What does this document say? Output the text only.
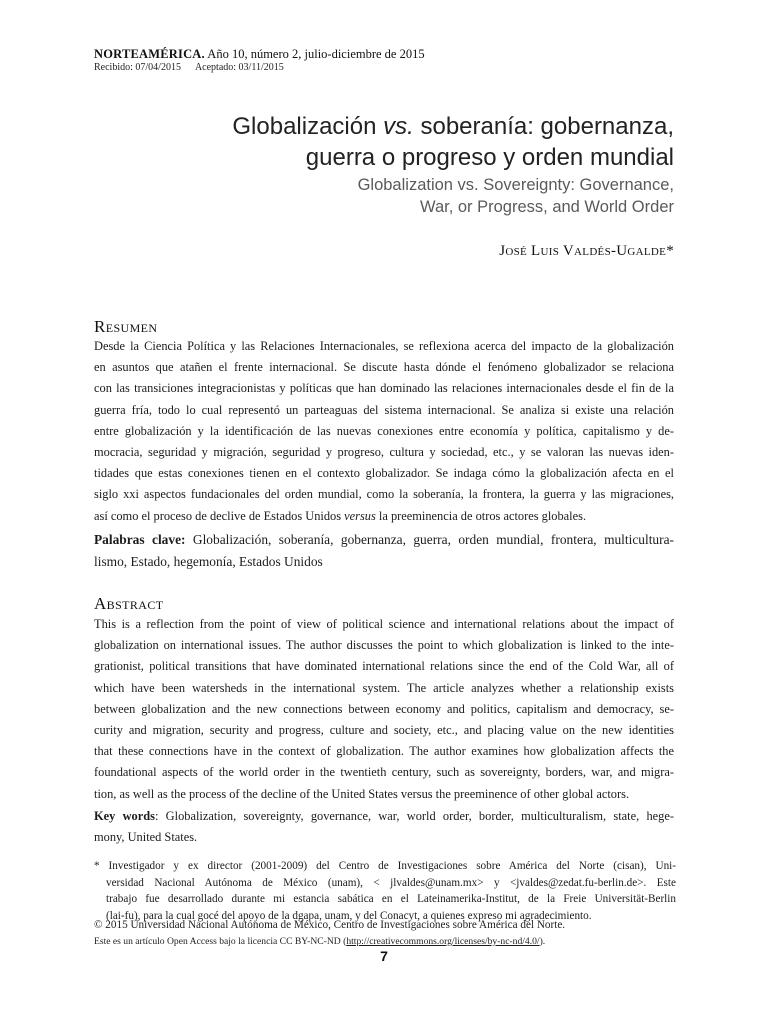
NORTEAMÉRICA. Año 10, número 2, julio-diciembre de 2015
Recibido: 07/04/2015 Aceptado: 03/11/2015
Globalización vs. soberanía: gobernanza,
guerra o progreso y orden mundial
Globalization vs. Sovereignty: Governance,
War, or Progress, and World Order
José Luis Valdés-Ugalde*
Resumen
Desde la Ciencia Política y las Relaciones Internacionales, se reflexiona acerca del impacto de la globalización
en asuntos que atañen el frente internacional. Se discute hasta dónde el fenómeno globalizador se relaciona
con las transiciones integracionistas y políticas que han dominado las relaciones internacionales desde el fin de la
guerra fría, todo lo cual representó un parteaguas del sistema internacional. Se analiza si existe una relación
entre globalización y la identificación de las nuevas conexiones entre economía y política, capitalismo y de-
mocracia, seguridad y migración, seguridad y progreso, cultura y sociedad, etc., y se valoran las nuevas iden-
tidades que estas conexiones tienen en el contexto globalizador. Se indaga cómo la globalización afecta en el
siglo xxi aspectos fundacionales del orden mundial, como la soberanía, la frontera, la guerra y las migraciones,
así como el proceso de declive de Estados Unidos versus la preeminencia de otros actores globales.
Palabras clave: Globalización, soberanía, gobernanza, guerra, orden mundial, frontera, multicultura-
lismo, Estado, hegemonía, Estados Unidos
Abstract
This is a reflection from the point of view of political science and international relations about the impact of
globalization on international issues. The author discusses the point to which globalization is linked to the inte-
grationist, political transitions that have dominated international relations since the end of the Cold War, all of
which have been watersheds in the international system. The article analyzes whether a relationship exists
between globalization and the new connections between economy and politics, capitalism and democracy, se-
curity and migration, security and progress, culture and society, etc., and placing value on the new identities
that these connections have in the context of globalization. The author examines how globalization affects the
foundational aspects of the world order in the twentieth century, such as sovereignty, borders, war, and migra-
tion, as well as the process of the decline of the United States versus the preeminence of other global actors.
Key words: Globalization, sovereignty, governance, war, world order, border, multiculturalism, state, hege-
mony, United States.
* Investigador y ex director (2001-2009) del Centro de Investigaciones sobre América del Norte (cisan), Uni-
versidad Nacional Autónoma de México (unam), < jlvaldes@unam.mx> y <jvaldes@zedat.fu-berlin.de>. Este
trabajo fue desarrollado durante mi estancia sabática en el Lateinamerika-Institut, de la Freie Universität-Berlin
(lai-fu), para la cual gocé del apoyo de la dgapa, unam, y del Conacyt, a quienes expreso mi agradecimiento.
© 2015 Universidad Nacional Autónoma de México, Centro de Investigaciones sobre América del Norte.
Este es un artículo Open Access bajo la licencia CC BY-NC-ND (http://creativecommons.org/licenses/by-nc-nd/4.0/).
7
